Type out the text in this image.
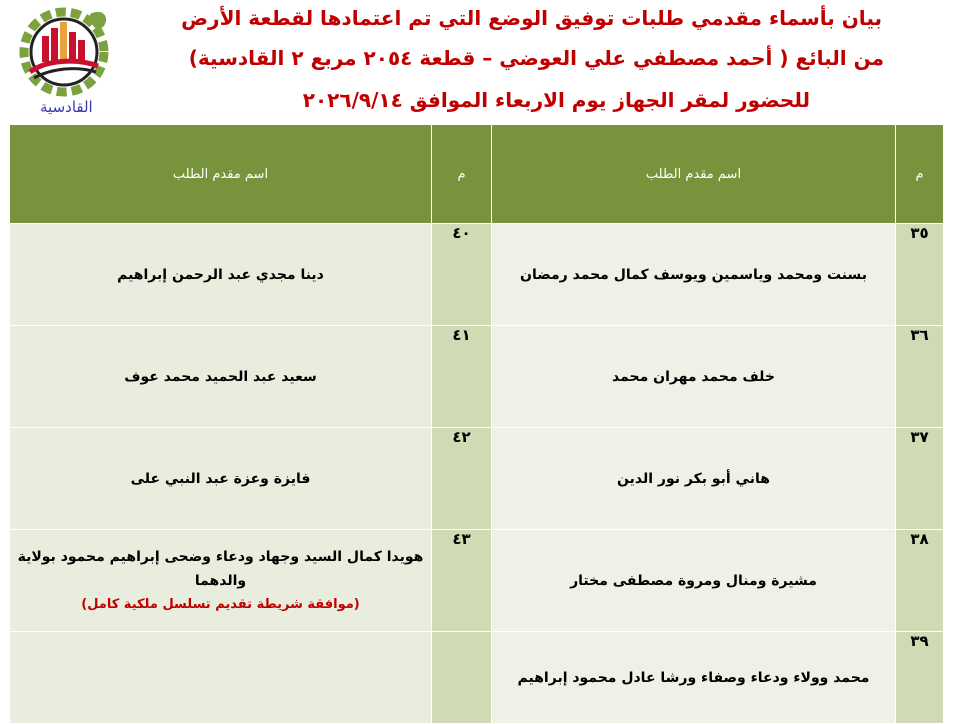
بيان بأسماء مقدمي طلبات توفيق الوضع التي تم اعتمادها لقطعة الأرض
من البائع ( أحمد مصطفي علي العوضي – قطعة ٢٠٥٤ مربع ٢ القادسية)
للحضور لمقر الجهاز يوم الاربعاء الموافق ٢٠٢٦/٩/١٤
القادسية
م	اسم مقدم الطلب	م	اسم مقدم الطلب
٣٥	بسنت ومحمد وياسمين ويوسف كمال محمد رمضان	٤٠	دينا مجدي عبد الرحمن إبراهيم
٣٦	خلف محمد مهران محمد	٤١	سعيد عبد الحميد محمد عوف
٣٧	هاني أبو بكر نور الدين	٤٢	فايزة وعزة عبد النبي على
٣٨	مشيرة ومنال ومروة مصطفى مختار	٤٣	هويدا كمال السيد وجهاد ودعاء وضحى إبراهيم محمود بولاية والدهما
(موافقة شريطة تقديم تسلسل ملكية كامل)

٣٩	محمد وولاء ودعاء وصفاء ورشا عادل محمود إبراهيم		
